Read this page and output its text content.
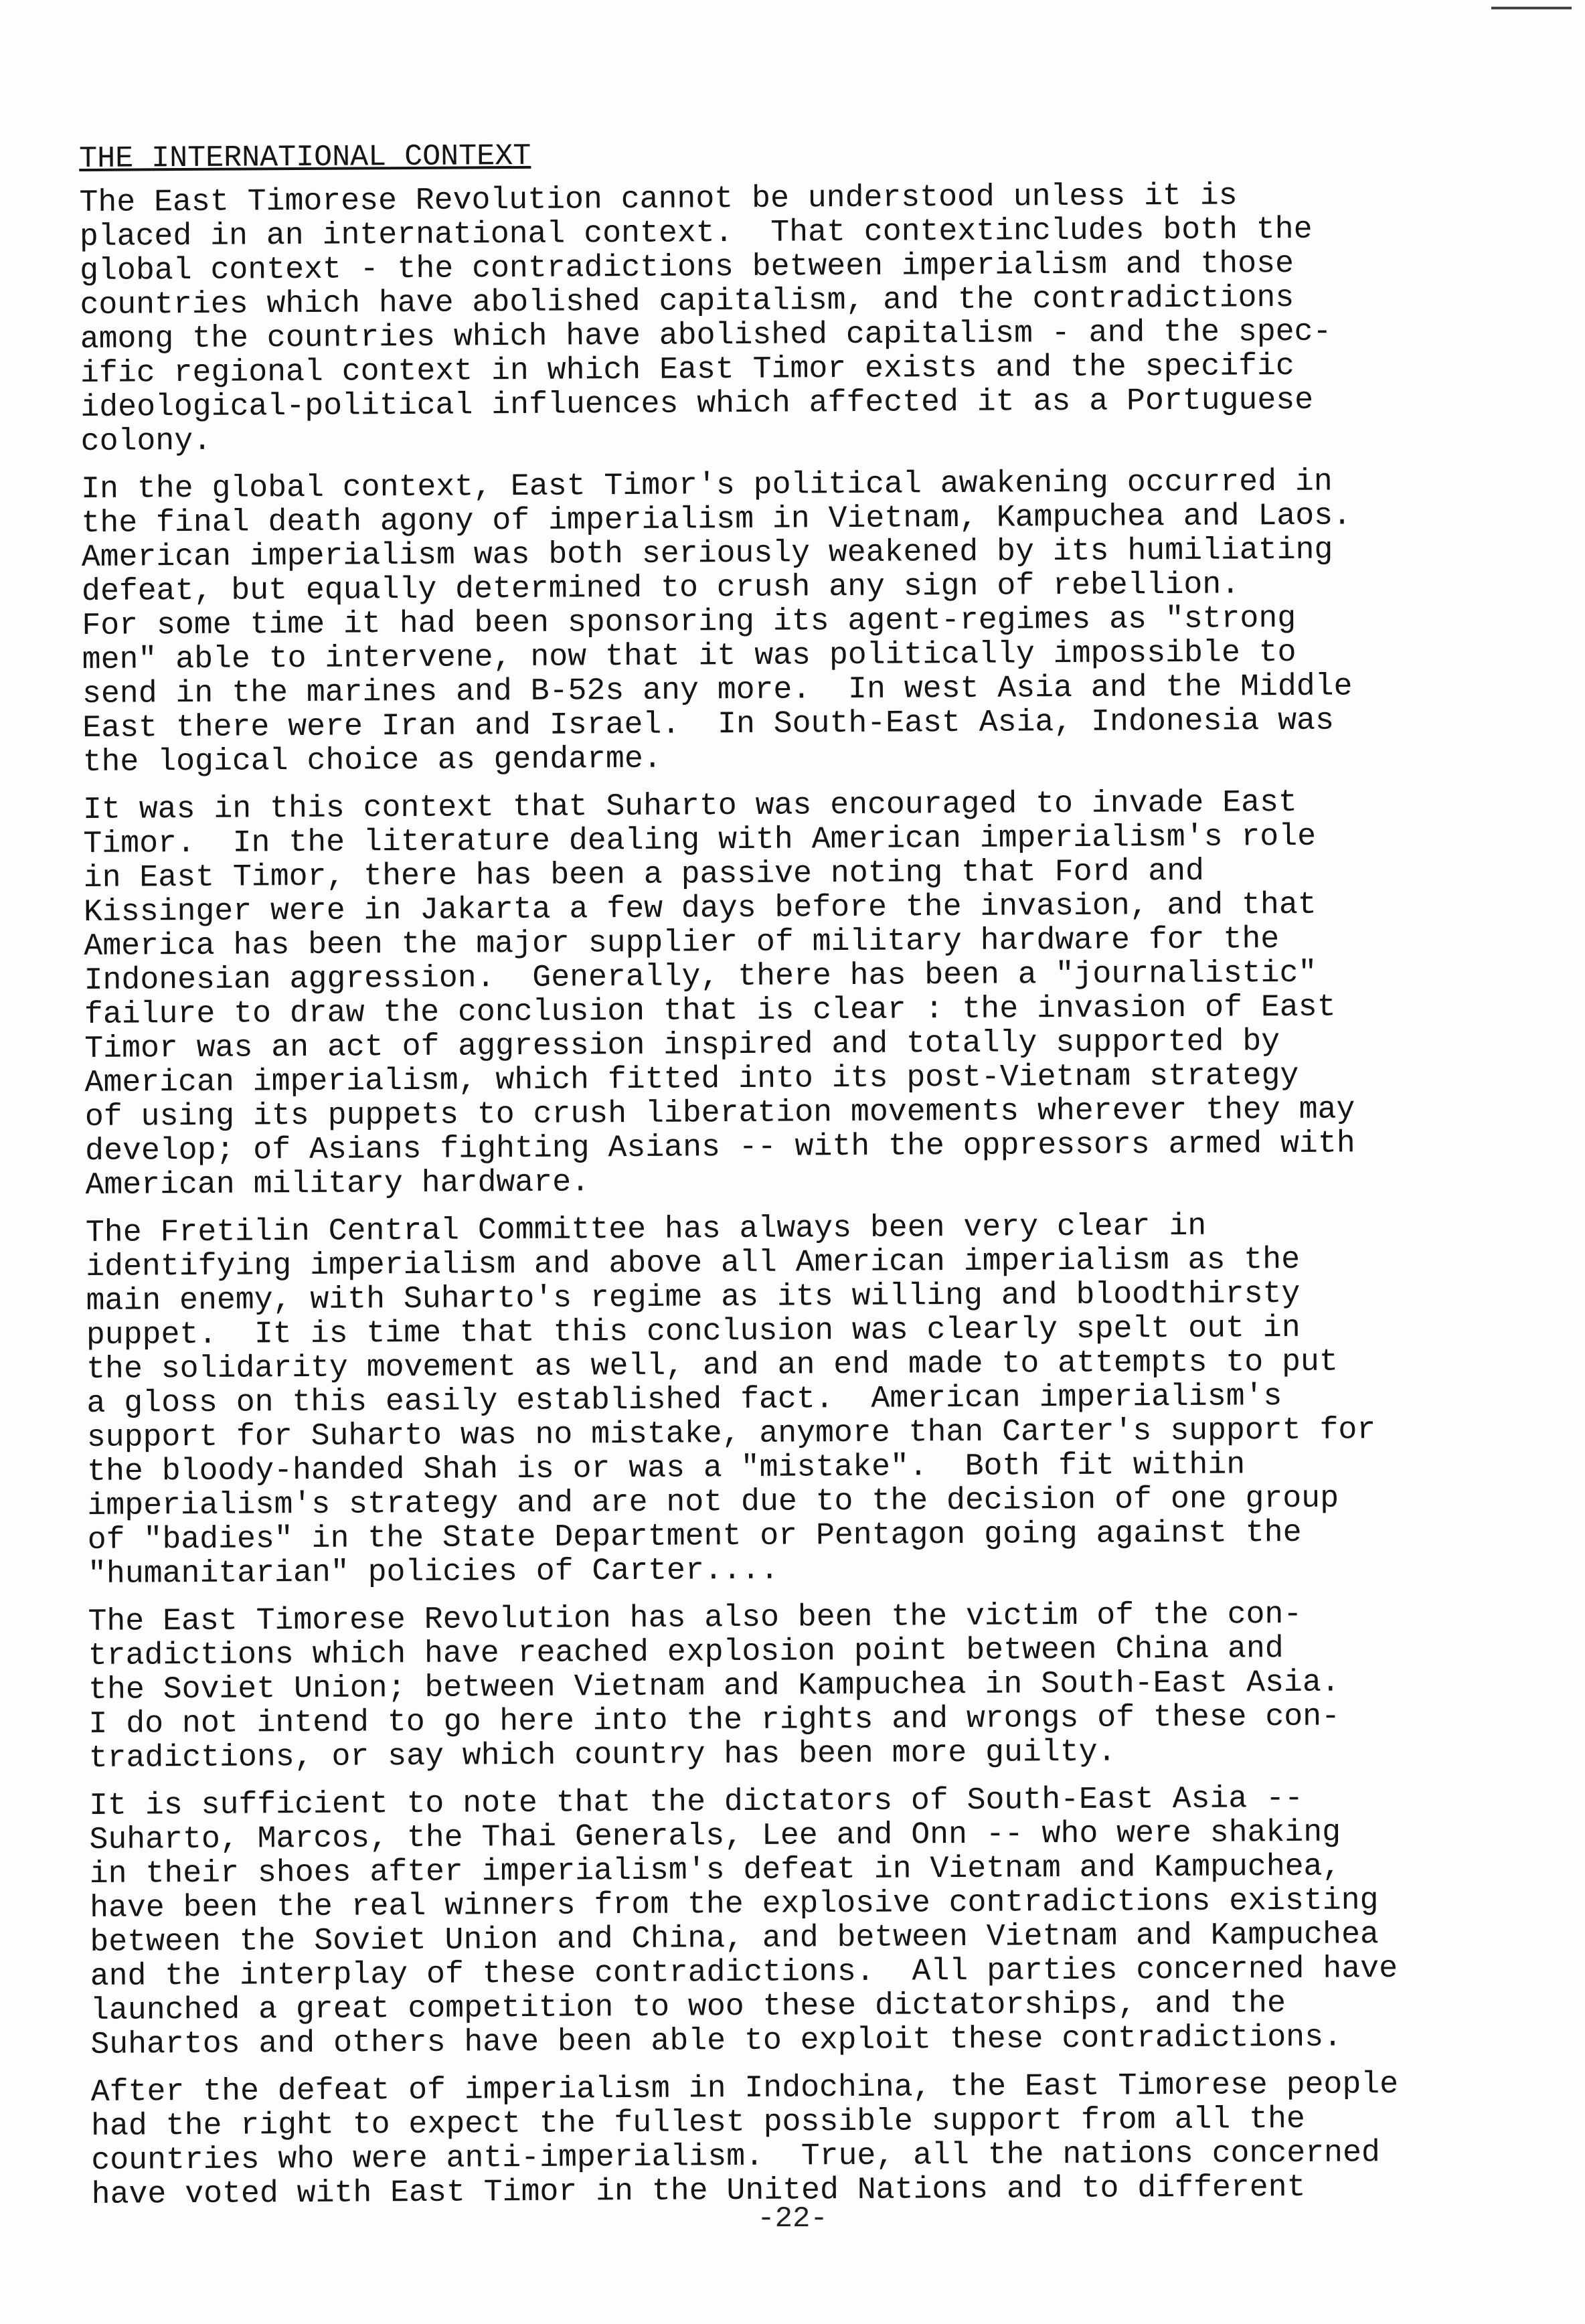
THE INTERNATIONAL CONTEXT
The East Timorese Revolution cannot be understood unless it is
placed in an international context.  That contextincludes both the
global context - the contradictions between imperialism and those
countries which have abolished capitalism, and the contradictions
among the countries which have abolished capitalism - and the spec-
ific regional context in which East Timor exists and the specific
ideological-political influences which affected it as a Portuguese
colony.
In the global context, East Timor's political awakening occurred in
the final death agony of imperialism in Vietnam, Kampuchea and Laos.
American imperialism was both seriously weakened by its humiliating
defeat, but equally determined to crush any sign of rebellion.
For some time it had been sponsoring its agent-regimes as "strong
men" able to intervene, now that it was politically impossible to
send in the marines and B-52s any more.  In west Asia and the Middle
East there were Iran and Israel.  In South-East Asia, Indonesia was
the logical choice as gendarme.
It was in this context that Suharto was encouraged to invade East
Timor.  In the literature dealing with American imperialism's role
in East Timor, there has been a passive noting that Ford and
Kissinger were in Jakarta a few days before the invasion, and that
America has been the major supplier of military hardware for the
Indonesian aggression.  Generally, there has been a "journalistic"
failure to draw the conclusion that is clear : the invasion of East
Timor was an act of aggression inspired and totally supported by
American imperialism, which fitted into its post-Vietnam strategy
of using its puppets to crush liberation movements wherever they may
develop; of Asians fighting Asians -- with the oppressors armed with
American military hardware.
The Fretilin Central Committee has always been very clear in
identifying imperialism and above all American imperialism as the
main enemy, with Suharto's regime as its willing and bloodthirsty
puppet.  It is time that this conclusion was clearly spelt out in
the solidarity movement as well, and an end made to attempts to put
a gloss on this easily established fact.  American imperialism's
support for Suharto was no mistake, anymore than Carter's support for
the bloody-handed Shah is or was a "mistake".  Both fit within
imperialism's strategy and are not due to the decision of one group
of "badies" in the State Department or Pentagon going against the
"humanitarian" policies of Carter....
The East Timorese Revolution has also been the victim of the con-
tradictions which have reached explosion point between China and
the Soviet Union; between Vietnam and Kampuchea in South-East Asia.
I do not intend to go here into the rights and wrongs of these con-
tradictions, or say which country has been more guilty.
It is sufficient to note that the dictators of South-East Asia --
Suharto, Marcos, the Thai Generals, Lee and Onn -- who were shaking
in their shoes after imperialism's defeat in Vietnam and Kampuchea,
have been the real winners from the explosive contradictions existing
between the Soviet Union and China, and between Vietnam and Kampuchea
and the interplay of these contradictions.  All parties concerned have
launched a great competition to woo these dictatorships, and the
Suhartos and others have been able to exploit these contradictions.
After the defeat of imperialism in Indochina, the East Timorese people
had the right to expect the fullest possible support from all the
countries who were anti-imperialism.  True, all the nations concerned
have voted with East Timor in the United Nations and to different
-22-
